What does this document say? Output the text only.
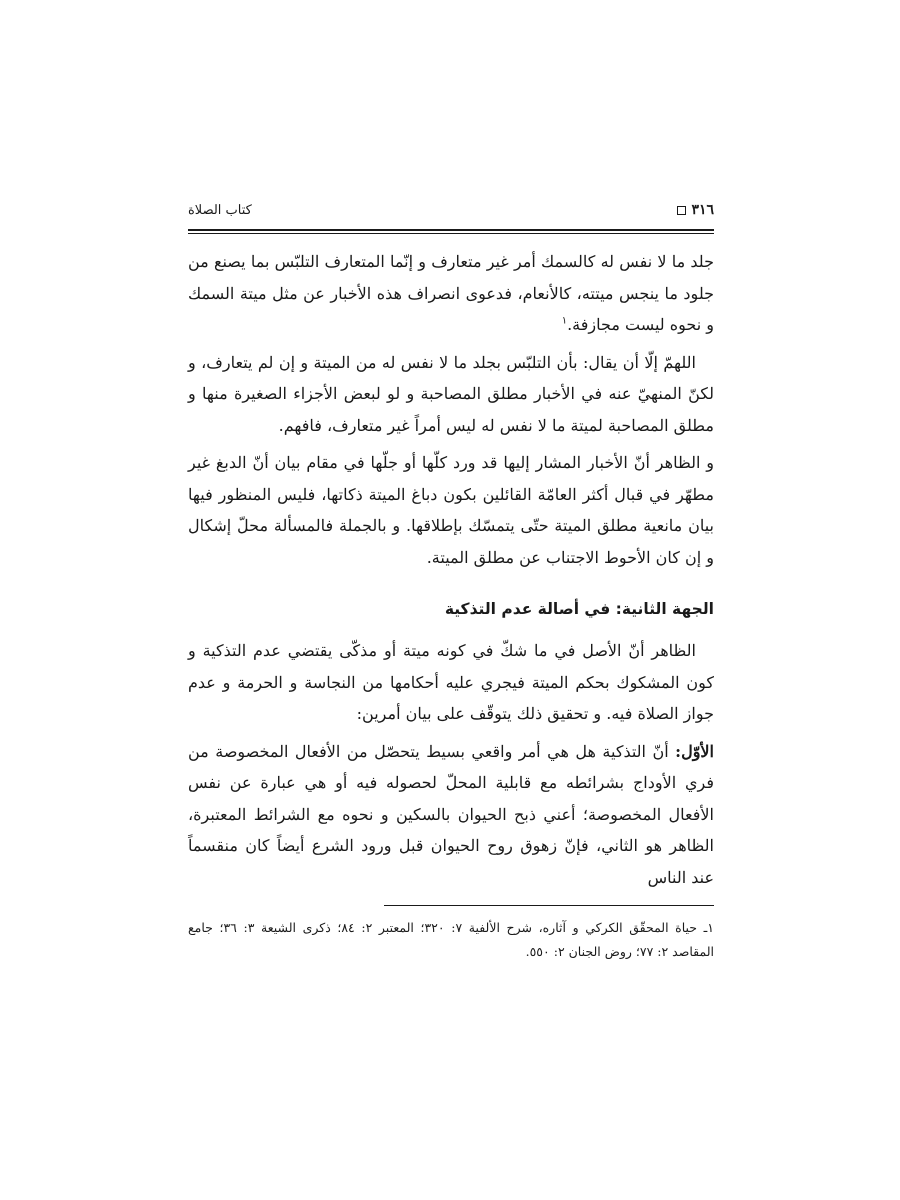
٣١٦
كتاب الصلاة

جلد ما لا نفس له كالسمك أمر غير متعارف و إنّما المتعارف التلبّس بما يصنع من جلود ما ينجس ميتته، كالأنعام، فدعوى انصراف هذه الأخبار عن مثل ميتة السمك و نحوه ليست مجازفة.$^١$

اللهمّ إلّا أن يقال: بأن التلبّس بجلد ما لا نفس له من الميتة و إن لم يتعارف، و لكنّ المنهيّ عنه في الأخبار مطلق المصاحبة و لو لبعض الأجزاء الصغيرة منها و مطلق المصاحبة لميتة ما لا نفس له ليس أمراً غير متعارف، فافهم.

و الظاهر أنّ الأخبار المشار إليها قد ورد كلّها أو جلّها في مقام بيان أنّ الدبغ غير مطهّر في قبال أكثر العامّة القائلين بكون دباغ الميتة ذكاتها، فليس المنظور فيها بيان مانعية مطلق الميتة حتّى يتمسّك بإطلاقها. و بالجملة فالمسألة محلّ إشكال و إن كان الأحوط الاجتناب عن مطلق الميتة.

الجهة الثانية: في أصالة عدم التذكية

الظاهر أنّ الأصل في ما شكّ في كونه ميتة أو مذكّى يقتضي عدم التذكية و كون المشكوك بحكم الميتة فيجري عليه أحكامها من النجاسة و الحرمة و عدم جواز الصلاة فيه. و تحقيق ذلك يتوقّف على بيان أمرين:

الأوّل: أنّ التذكية هل هي أمر واقعي بسيط يتحصّل من الأفعال المخصوصة من فري الأوداج بشرائطه مع قابلية المحلّ لحصوله فيه أو هي عبارة عن نفس الأفعال المخصوصة؛ أعني ذبح الحيوان بالسكين و نحوه مع الشرائط المعتبرة، الظاهر هو الثاني، فإنّ زهوق روح الحيوان قبل ورود الشرع أيضاً كان منقسماً عند الناس

١ـ حياة المحقّق الكركي و آثاره، شرح الألفية ٧: ٣٢٠؛ المعتبر ٢: ٨٤؛ ذكرى الشيعة ٣: ٣٦؛ جامع المقاصد ٢: ٧٧؛ روض الجنان ٢: ٥٥٠.
